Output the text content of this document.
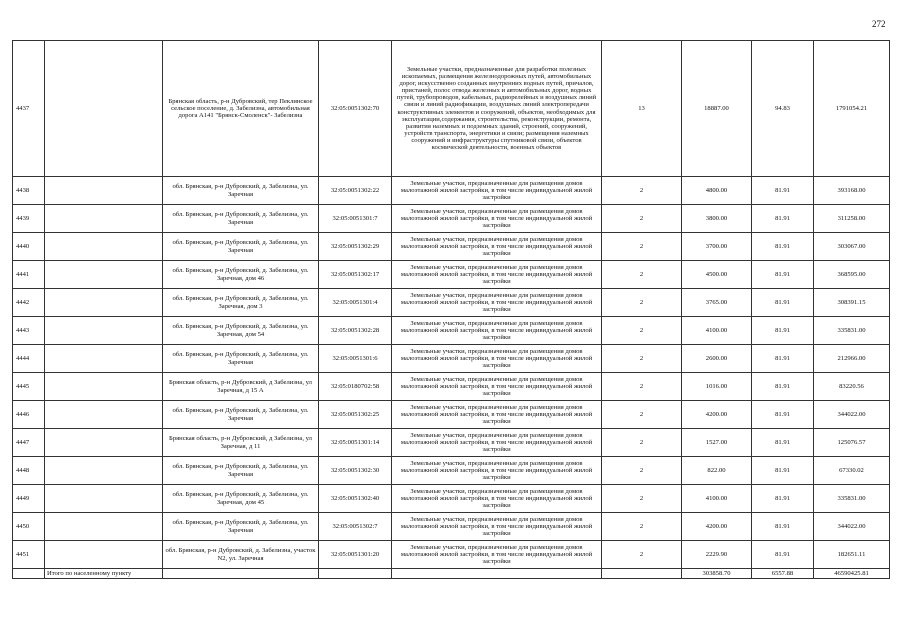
272
4437		Брянская область, р-н Дубровский, тер Пеклинское сельское поселение, д. Забелизна, автомобильная дорога А141 "Брянск-Смоленск"- Забелизна	32:05:0051302:70	Земельные участки, предназначенные для разработки полезных ископаемых, размещения железнодорожных путей, автомобильных дорог, искусственно созданных внутренних водных путей, причалов, пристаней, полос отвода железных и автомобильных дорог, водных путей, трубопроводов, кабельных, радиорелейных и воздушных линий связи и линий радиофикации, воздушных линий электропередачи конструктивных элементов и сооружений, объектов, необходимых для эксплуатации,содержания, строительства, реконструкции, ремонта, развития наземных и подземных зданий, строений, сооружений, устройств транспорта, энергетики и связи; размещения наземных сооружений и инфраструктуры спутниковой связи, объектов космической деятельности, военных объектов	13	18887.00	94.83	1791054.21
4438		обл. Брянская, р-н Дубровский, д. Забелизна, ул. Заречная	32:05:0051302:22	Земельные участки, предназначенные для размещения домов малоэтажной жилой застройки, в том числе индивидуальной жилой застройки	2	4800.00	81.91	393168.00
4439		обл. Брянская, р-н Дубровский, д. Забелизна, ул. Заречная	32:05:0051301:7	Земельные участки, предназначенные для размещения домов малоэтажной жилой застройки, в том числе индивидуальной жилой застройки	2	3800.00	81.91	311258.00
4440		обл. Брянская, р-н Дубровский, д. Забелизна, ул. Заречная	32:05:0051302:29	Земельные участки, предназначенные для размещения домов малоэтажной жилой застройки, в том числе индивидуальной жилой застройки	2	3700.00	81.91	303067.00
4441		обл. Брянская, р-н Дубровский, д. Забелизна, ул. Заречная, дом 46	32:05:0051302:17	Земельные участки, предназначенные для размещения домов малоэтажной жилой застройки, в том числе индивидуальной жилой застройки	2	4500.00	81.91	368595.00
4442		обл. Брянская, р-н Дубровский, д. Забелизна, ул. Заречная, дом 3	32:05:0051301:4	Земельные участки, предназначенные для размещения домов малоэтажной жилой застройки, в том числе индивидуальной жилой застройки	2	3765.00	81.91	308391.15
4443		обл. Брянская, р-н Дубровский, д. Забелизна, ул. Заречная, дом 54	32:05:0051302:28	Земельные участки, предназначенные для размещения домов малоэтажной жилой застройки, в том числе индивидуальной жилой застройки	2	4100.00	81.91	335831.00
4444		обл. Брянская, р-н Дубровский, д. Забелизна, ул. Заречная	32:05:0051301:6	Земельные участки, предназначенные для размещения домов малоэтажной жилой застройки, в том числе индивидуальной жилой застройки	2	2600.00	81.91	212966.00
4445		Брянская область, р-н Дубровский, д Забелизна, ул Заречная, д 15 А	32:05:0180702:58	Земельные участки, предназначенные для размещения домов малоэтажной жилой застройки, в том числе индивидуальной жилой застройки	2	1016.00	81.91	83220.56
4446		обл. Брянская, р-н Дубровский, д. Забелизна, ул. Заречная	32:05:0051302:25	Земельные участки, предназначенные для размещения домов малоэтажной жилой застройки, в том числе индивидуальной жилой застройки	2	4200.00	81.91	344022.00
4447		Брянская область, р-н Дубровский, д Забелизна, ул Заречная, д 11	32:05:0051301:14	Земельные участки, предназначенные для размещения домов малоэтажной жилой застройки, в том числе индивидуальной жилой застройки	2	1527.00	81.91	125076.57
4448		обл. Брянская, р-н Дубровский, д. Забелизна, ул. Заречная	32:05:0051302:30	Земельные участки, предназначенные для размещения домов малоэтажной жилой застройки, в том числе индивидуальной жилой застройки	2	822.00	81.91	67330.02
4449		обл. Брянская, р-н Дубровский, д. Забелизна, ул. Заречная, дом 45	32:05:0051302:40	Земельные участки, предназначенные для размещения домов малоэтажной жилой застройки, в том числе индивидуальной жилой застройки	2	4100.00	81.91	335831.00
4450		обл. Брянская, р-н Дубровский, д. Забелизна, ул. Заречная	32:05:0051302:7	Земельные участки, предназначенные для размещения домов малоэтажной жилой застройки, в том числе индивидуальной жилой застройки	2	4200.00	81.91	344022.00
4451		обл. Брянская, р-н Дубровский, д. Забелизна, участок N2, ул. Заречная	32:05:0051301:20	Земельные участки, предназначенные для размещения домов малоэтажной жилой застройки, в том числе индивидуальной жилой застройки	2	2229.90	81.91	182651.11
	Итого по населенному пункту					303858.70	6557.88	46590425.81
